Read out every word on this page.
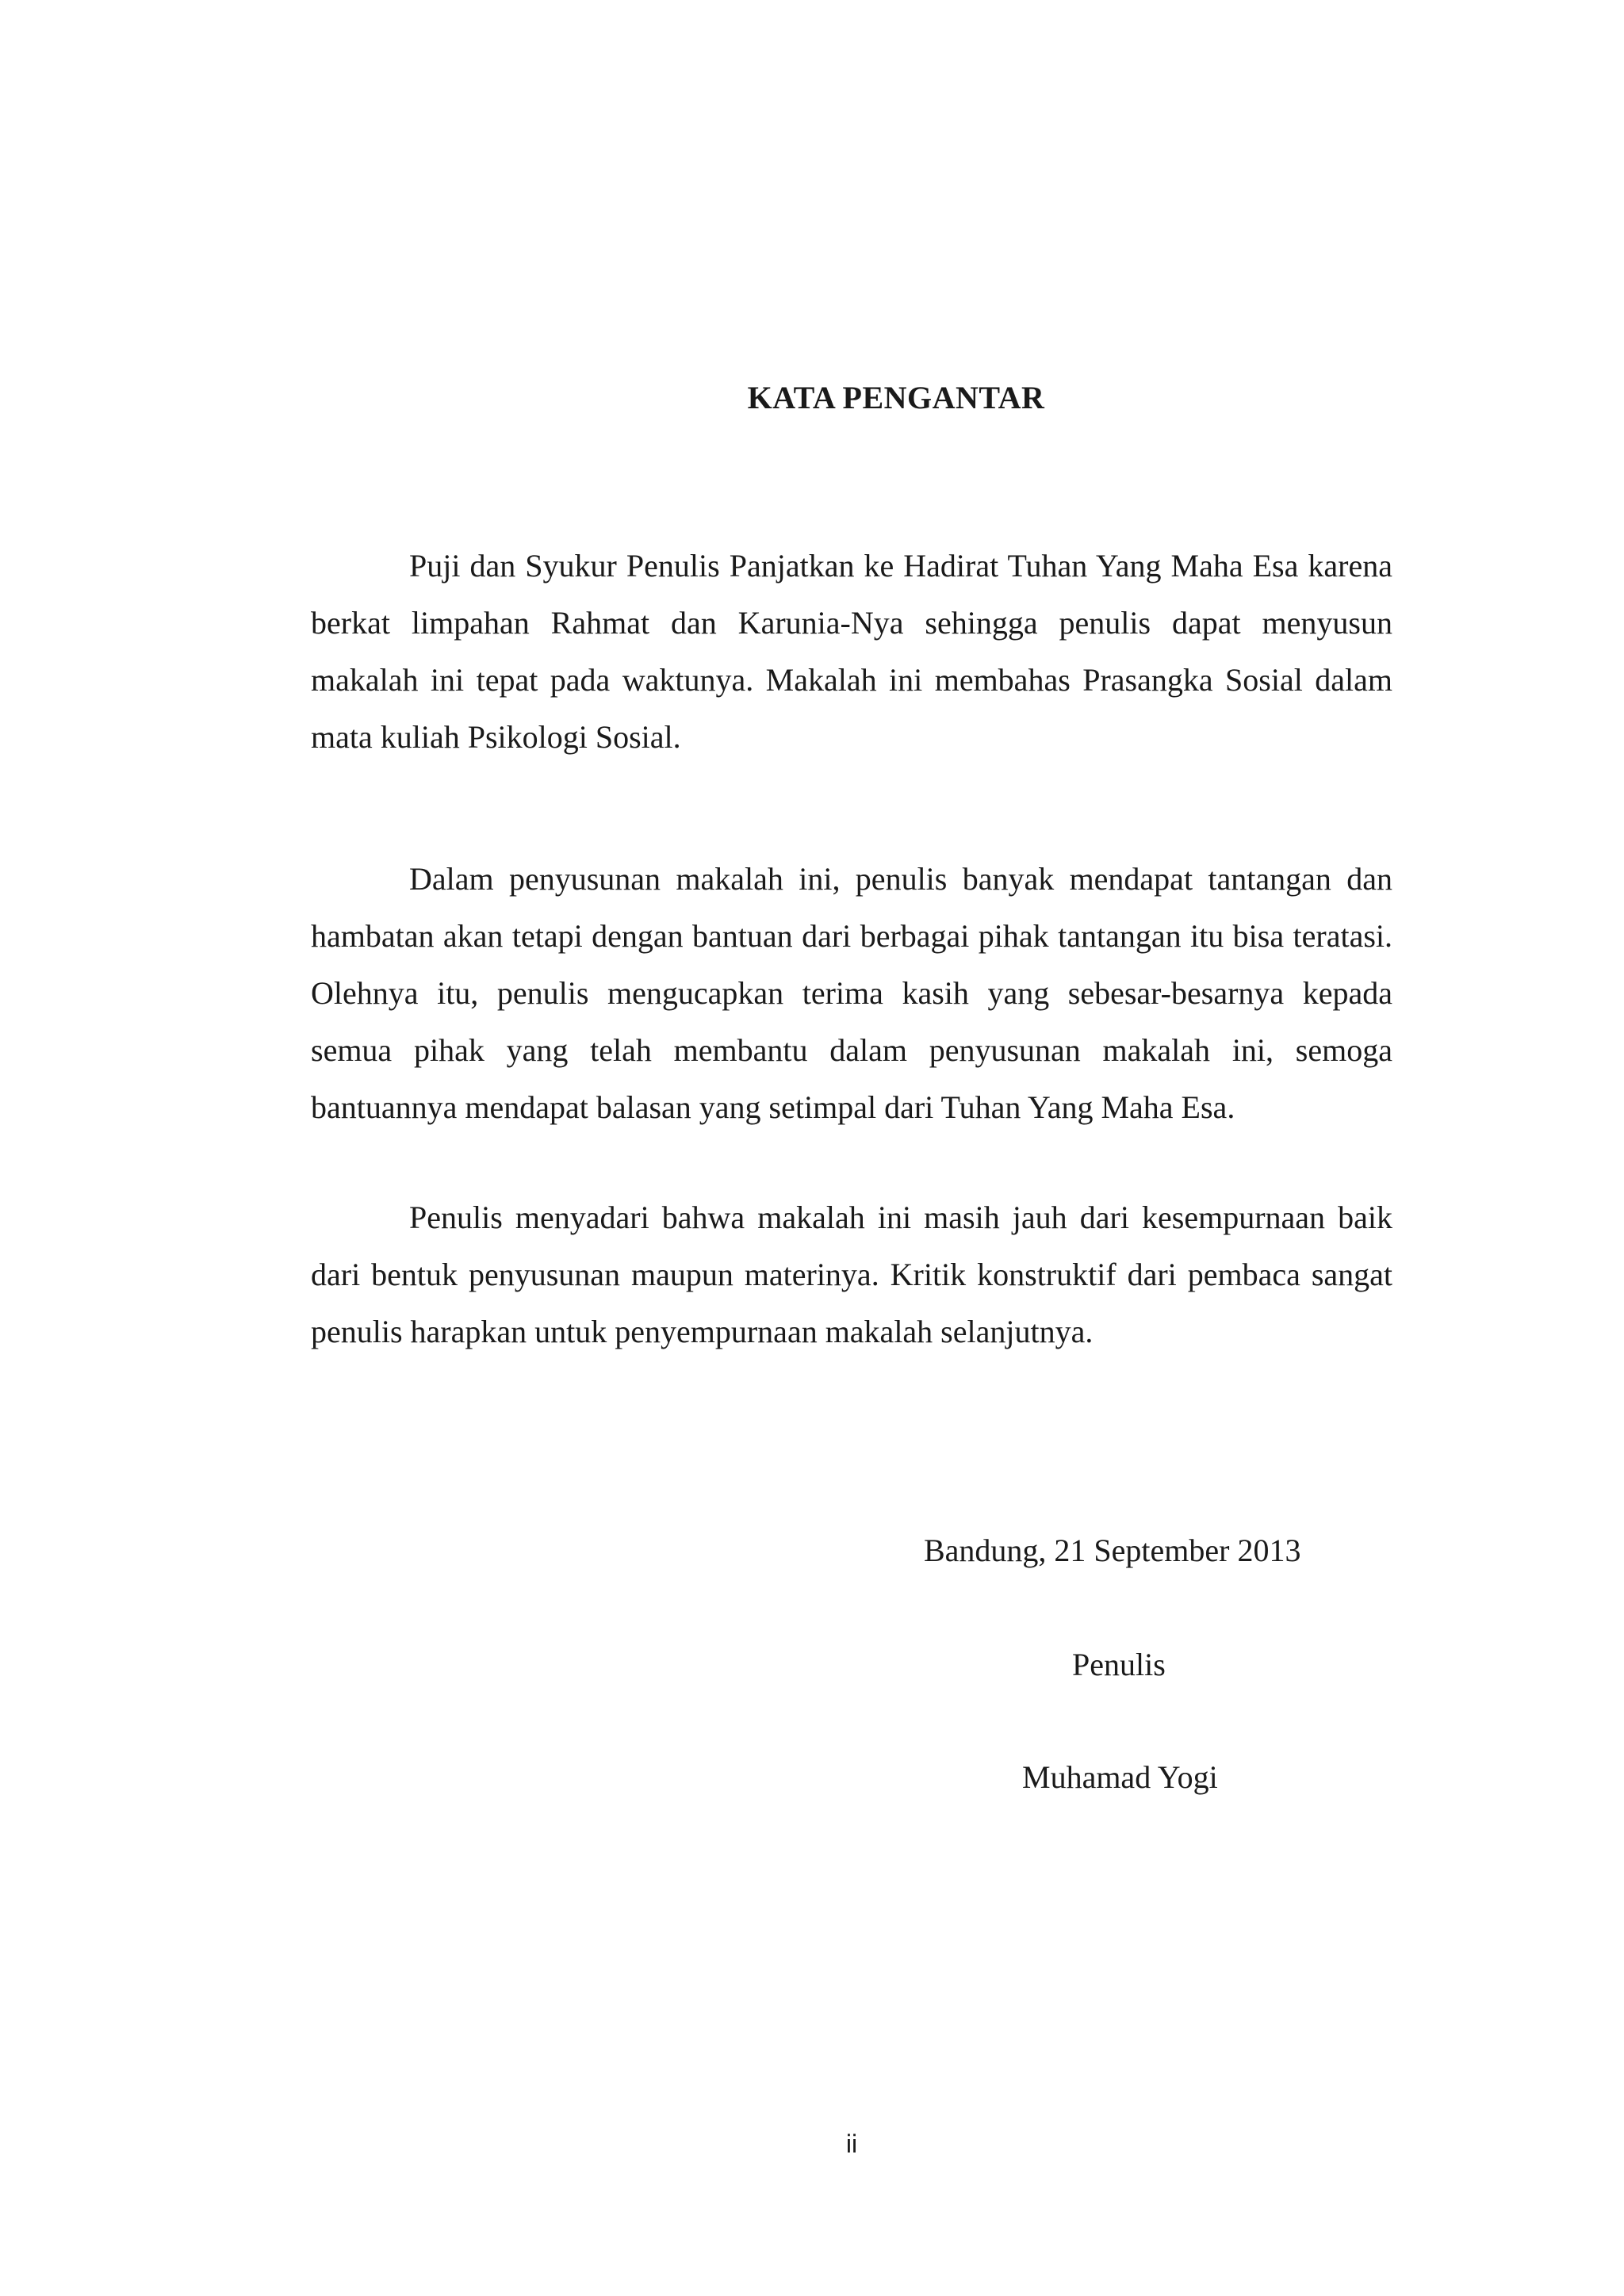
KATA PENGANTAR

Puji dan Syukur Penulis Panjatkan ke Hadirat Tuhan Yang Maha Esa karena berkat limpahan Rahmat dan Karunia-Nya sehingga penulis dapat menyusun makalah ini tepat pada waktunya. Makalah ini membahas Prasangka Sosial dalam mata kuliah Psikologi Sosial.

Dalam penyusunan makalah ini, penulis banyak mendapat tantangan dan hambatan akan tetapi dengan bantuan dari berbagai pihak tantangan itu bisa teratasi. Olehnya itu, penulis mengucapkan terima kasih yang sebesar-besarnya kepada semua pihak yang telah membantu dalam penyusunan makalah ini, semoga bantuannya mendapat balasan yang setimpal dari Tuhan Yang Maha Esa.

Penulis menyadari bahwa makalah ini masih jauh dari kesempurnaan baik dari bentuk penyusunan maupun materinya. Kritik konstruktif dari pembaca sangat penulis harapkan untuk penyempurnaan makalah selanjutnya.

Bandung, 21 September 2013
Penulis
Muhamad Yogi
ii
